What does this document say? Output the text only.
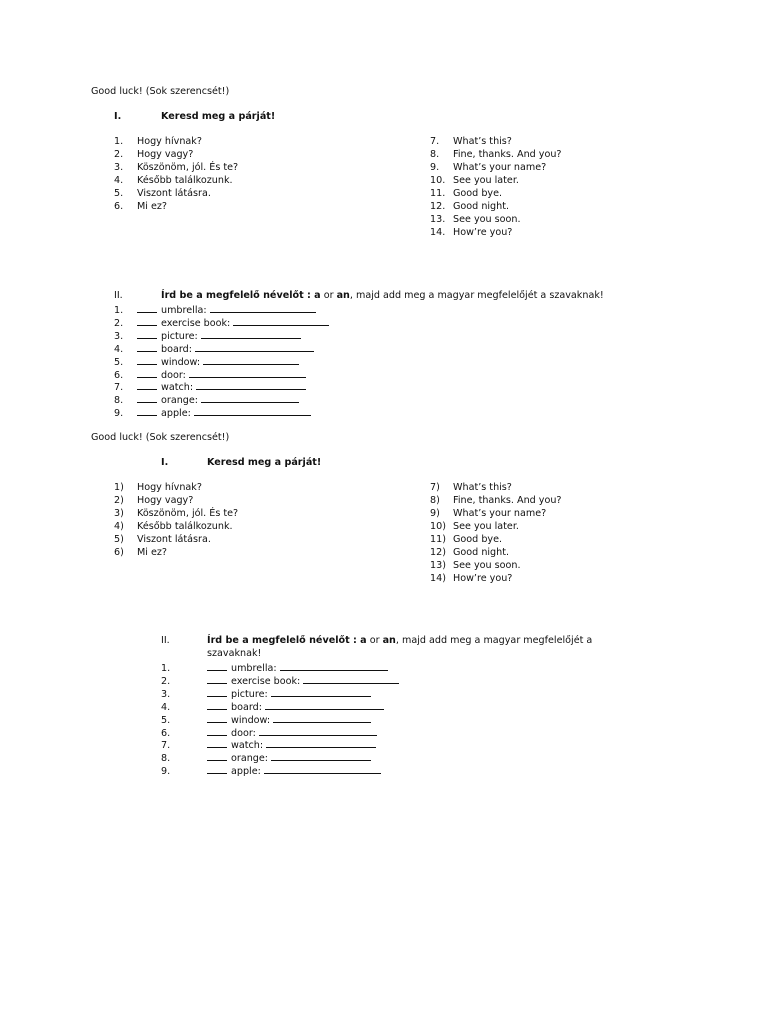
Good luck! (Sok szerencsét!)
I.	Keresd meg a párját!
1. Hogy hívnak?
2. Hogy vagy?
3. Köszönöm, jól. És te?
4. Később találkozunk.
5. Viszont látásra.
6. Mi ez?
7. What’s this?
8. Fine, thanks. And you?
9. What’s your name?
10. See you later.
11. Good bye.
12. Good night.
13. See you soon.
14. How’re you?
II.	Írd be a megfelelő névelőt : a or an, majd add meg a magyar megfelelőjét a szavaknak!
1.	umbrella:
2.	exercise book:
3.	picture:
4.	board:
5.	window:
6.	door:
7.	watch:
8.	orange:
9.	apple:
Good luck! (Sok szerencsét!)
I.	Keresd meg a párját!
1) Hogy hívnak?
2) Hogy vagy?
3) Köszönöm, jól. És te?
4) Később találkozunk.
5) Viszont látásra.
6) Mi ez?
7) What’s this?
8) Fine, thanks. And you?
9) What’s your name?
10) See you later.
11) Good bye.
12) Good night.
13) See you soon.
14) How’re you?
II.	Írd be a megfelelő névelőt : a or an, majd add meg a magyar megfelelőjét a
szavaknak!
1.	umbrella:
2.	exercise book:
3.	picture:
4.	board:
5.	window:
6.	door:
7.	watch:
8.	orange:
9.	apple:
